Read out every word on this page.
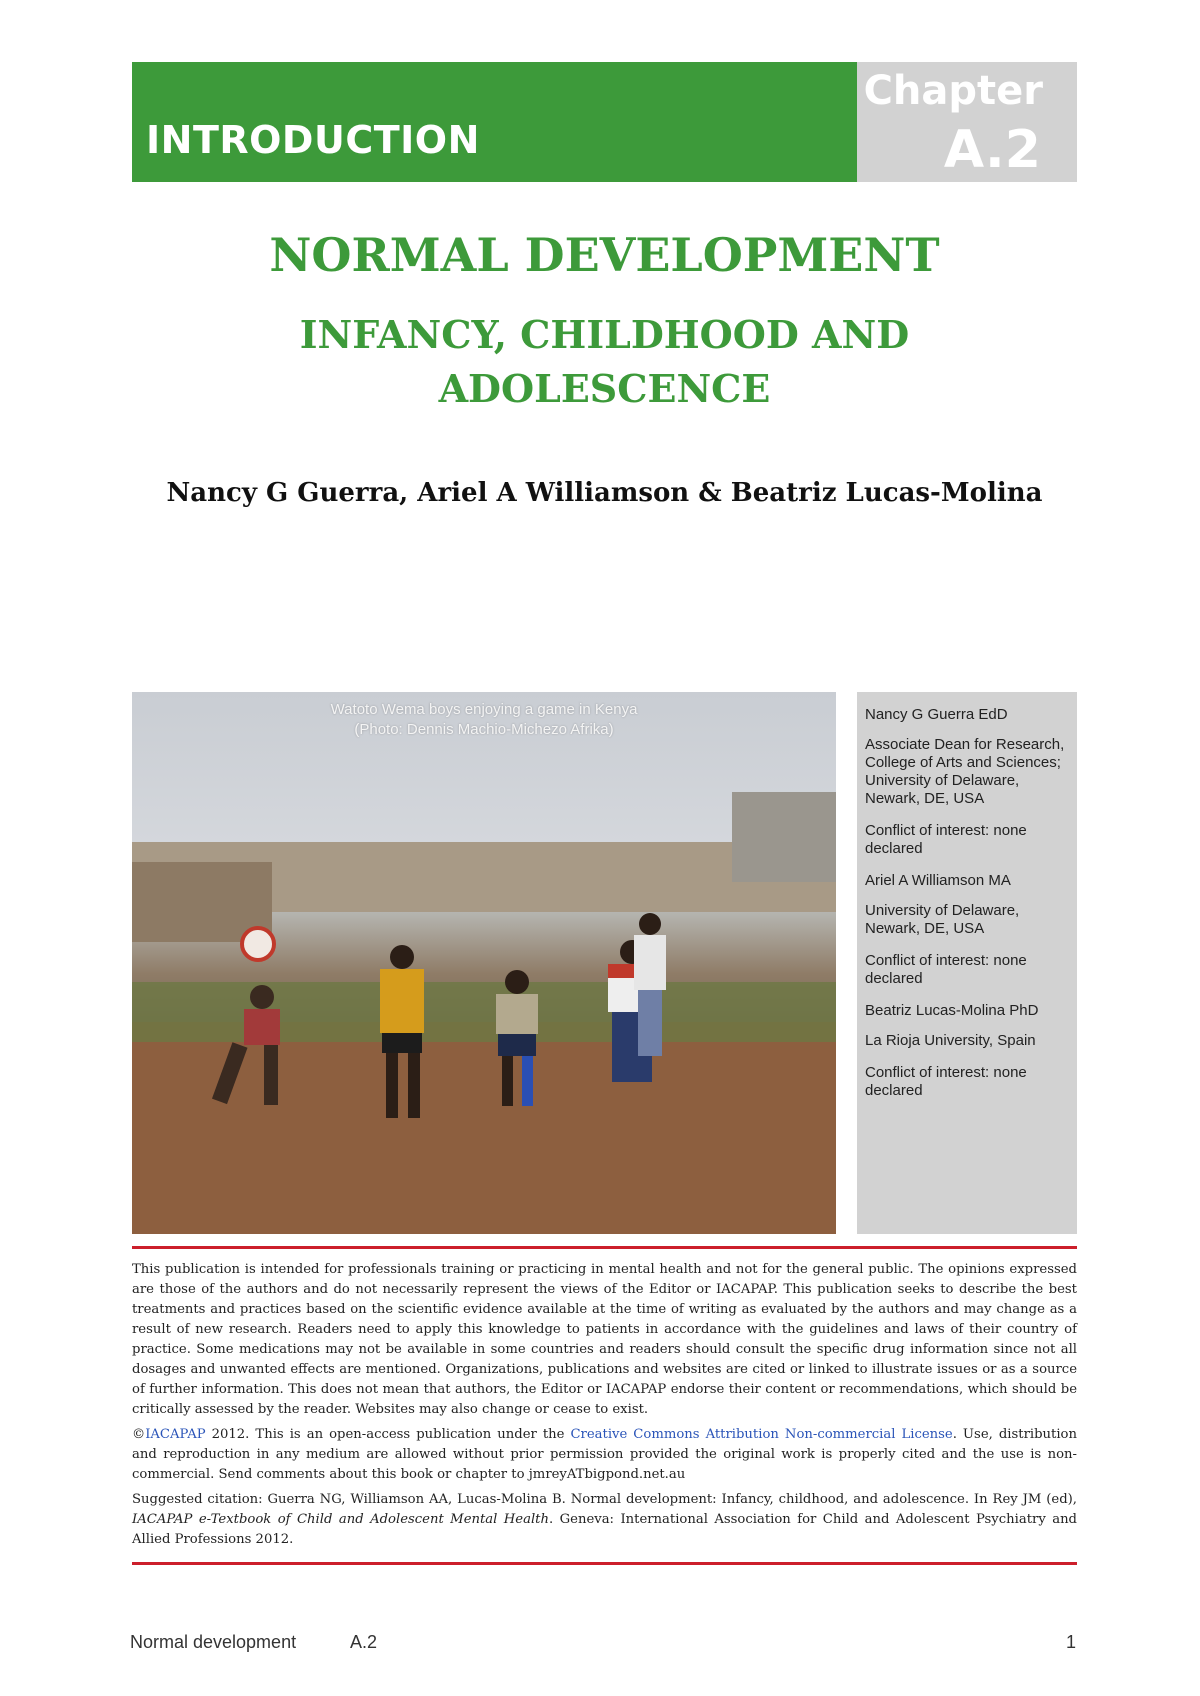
INTRODUCTION
Chapter
A.2
NORMAL DEVELOPMENT
INFANCY, CHILDHOOD AND
ADOLESCENCE
Nancy G Guerra, Ariel A Williamson & Beatriz Lucas-Molina
Watoto Wema boys enjoying a game in Kenya
(Photo: Dennis Machio-Michezo Afrika)
Nancy G Guerra EdD
Associate Dean for Research, College of Arts and Sciences; University of Delaware, Newark, DE, USA
Conflict of interest: none declared
Ariel A Williamson MA
University of Delaware, Newark, DE, USA
Conflict of interest: none declared
Beatriz Lucas-Molina PhD
La Rioja University, Spain
Conflict of interest: none declared

This publication is intended for professionals training or practicing in mental health and not for the general public. The opinions expressed are those of the authors and do not necessarily represent the views of the Editor or IACAPAP. This publication seeks to describe the best treatments and practices based on the scientific evidence available at the time of writing as evaluated by the authors and may change as a result of new research. Readers need to apply this knowledge to patients in accordance with the guidelines and laws of their country of practice. Some medications may not be available in some countries and readers should consult the specific drug information since not all dosages and unwanted effects are mentioned. Organizations, publications and websites are cited or linked to illustrate issues or as a source of further information. This does not mean that authors, the Editor or IACAPAP endorse their content or recommendations, which should be critically assessed by the reader. Websites may also change or cease to exist.

©IACAPAP 2012. This is an open-access publication under the Creative Commons Attribution Non-commercial License. Use, distribution and reproduction in any medium are allowed without prior permission provided the original work is properly cited and the use is non-commercial. Send comments about this book or chapter to jmreyATbigpond.net.au

Suggested citation: Guerra NG, Williamson AA, Lucas-Molina B. Normal development: Infancy, childhood, and adolescence. In Rey JM (ed), IACAPAP e-Textbook of Child and Adolescent Mental Health. Geneva: International Association for Child and Adolescent Psychiatry and Allied Professions 2012.

Normal development	A.2	1
